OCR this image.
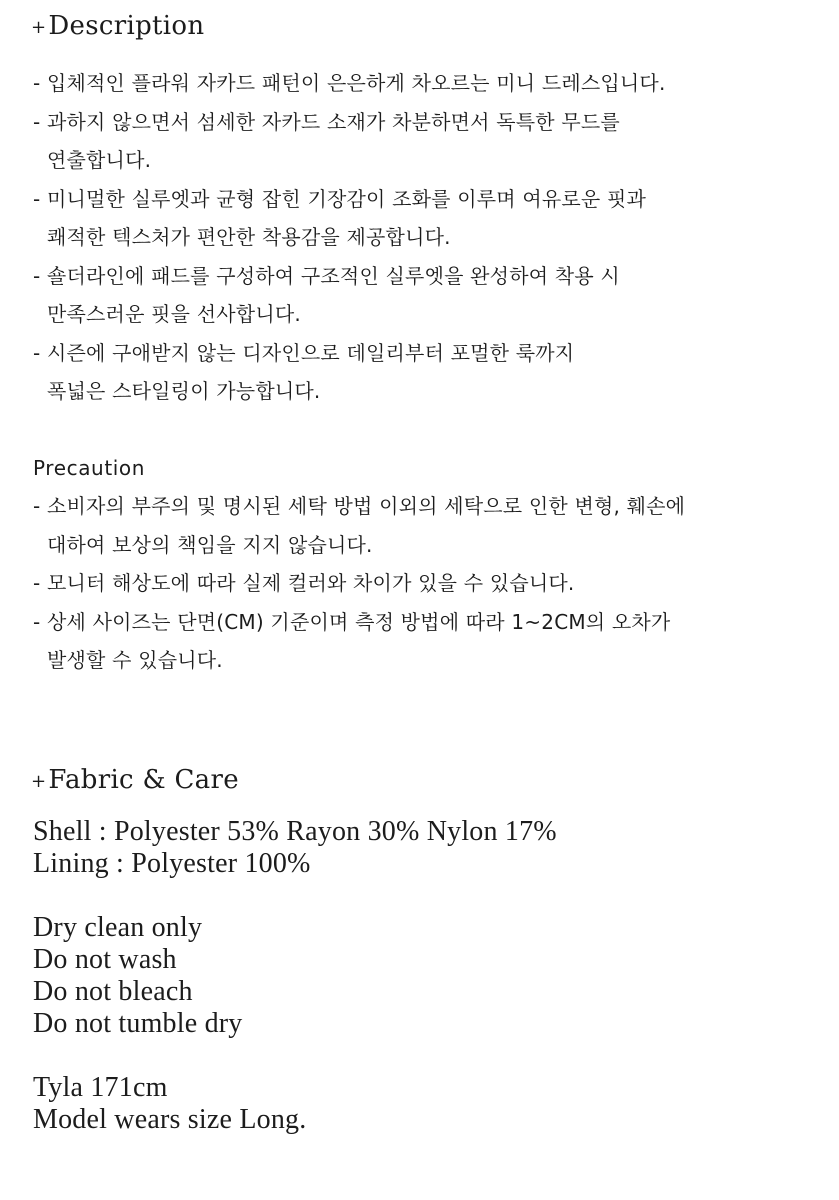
+Description
- 입체적인 플라워 자카드 패턴이 은은하게 차오르는 미니 드레스입니다.
- 과하지 않으면서 섬세한 자카드 소재가 차분하면서 독특한 무드를
연출합니다.
- 미니멀한 실루엣과 균형 잡힌 기장감이 조화를 이루며 여유로운 핏과
쾌적한 텍스처가 편안한 착용감을 제공합니다.
- 숄더라인에 패드를 구성하여 구조적인 실루엣을 완성하여 착용 시
만족스러운 핏을 선사합니다.
- 시즌에 구애받지 않는 디자인으로 데일리부터 포멀한 룩까지
폭넓은 스타일링이 가능합니다.
Precaution
- 소비자의 부주의 및 명시된 세탁 방법 이외의 세탁으로 인한 변형, 훼손에
대하여 보상의 책임을 지지 않습니다.
- 모니터 해상도에 따라 실제 컬러와 차이가 있을 수 있습니다.
- 상세 사이즈는 단면(CM) 기준이며 측정 방법에 따라 1~2CM의 오차가
발생할 수 있습니다.
+Fabric & Care
Shell : Polyester 53% Rayon 30% Nylon 17%
Lining : Polyester 100%
Dry clean only
Do not wash
Do not bleach
Do not tumble dry
Tyla 171cm
Model wears size Long.
